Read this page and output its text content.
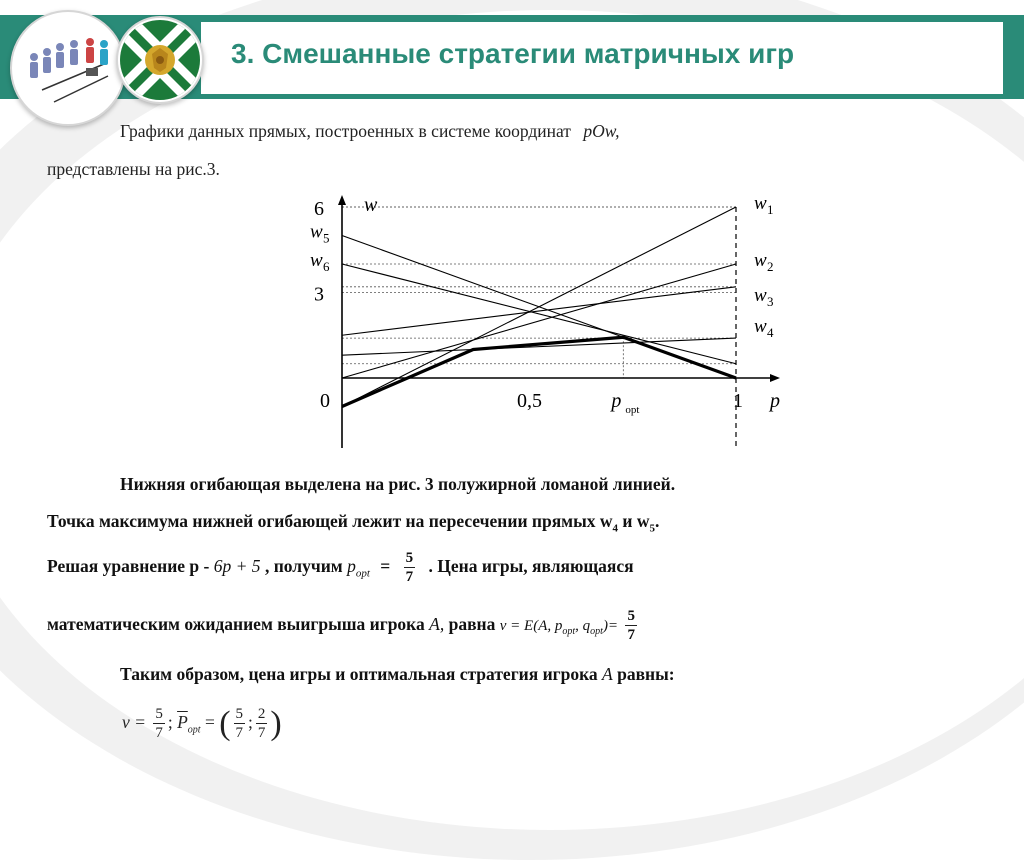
3. Смешанные стратегии матричных игр

Графики данных прямых, построенных в системе координат pOw,

представлены на рис.3.

6
3
0
w
p
0,5	p opt	1
w 5
w 6
w 1
w 2
w 3
w 4

Нижняя огибающая выделена на рис. 3 полужирной ломаной линией.

Точка максимума нижней огибающей лежит на пересечении прямых $w_4$ и $w_5$.

Решая уравнение р - 6p + 5 , получим $p_{opt} = \frac{5}{7}$ . Цена игры, являющаяся

математическим ожиданием выигрыша игрока A, равна v = E(A, $p_{opt}$, $q_{opt})= \frac{5}{7}$

Таким образом, цена игры и оптимальная стратегия игрока A равны:

$v = \frac{5}{7}$ ; $\overline{P}_{opt}$ = ( $\frac{5}{7}$ ; $\frac{2}{7}$ )
